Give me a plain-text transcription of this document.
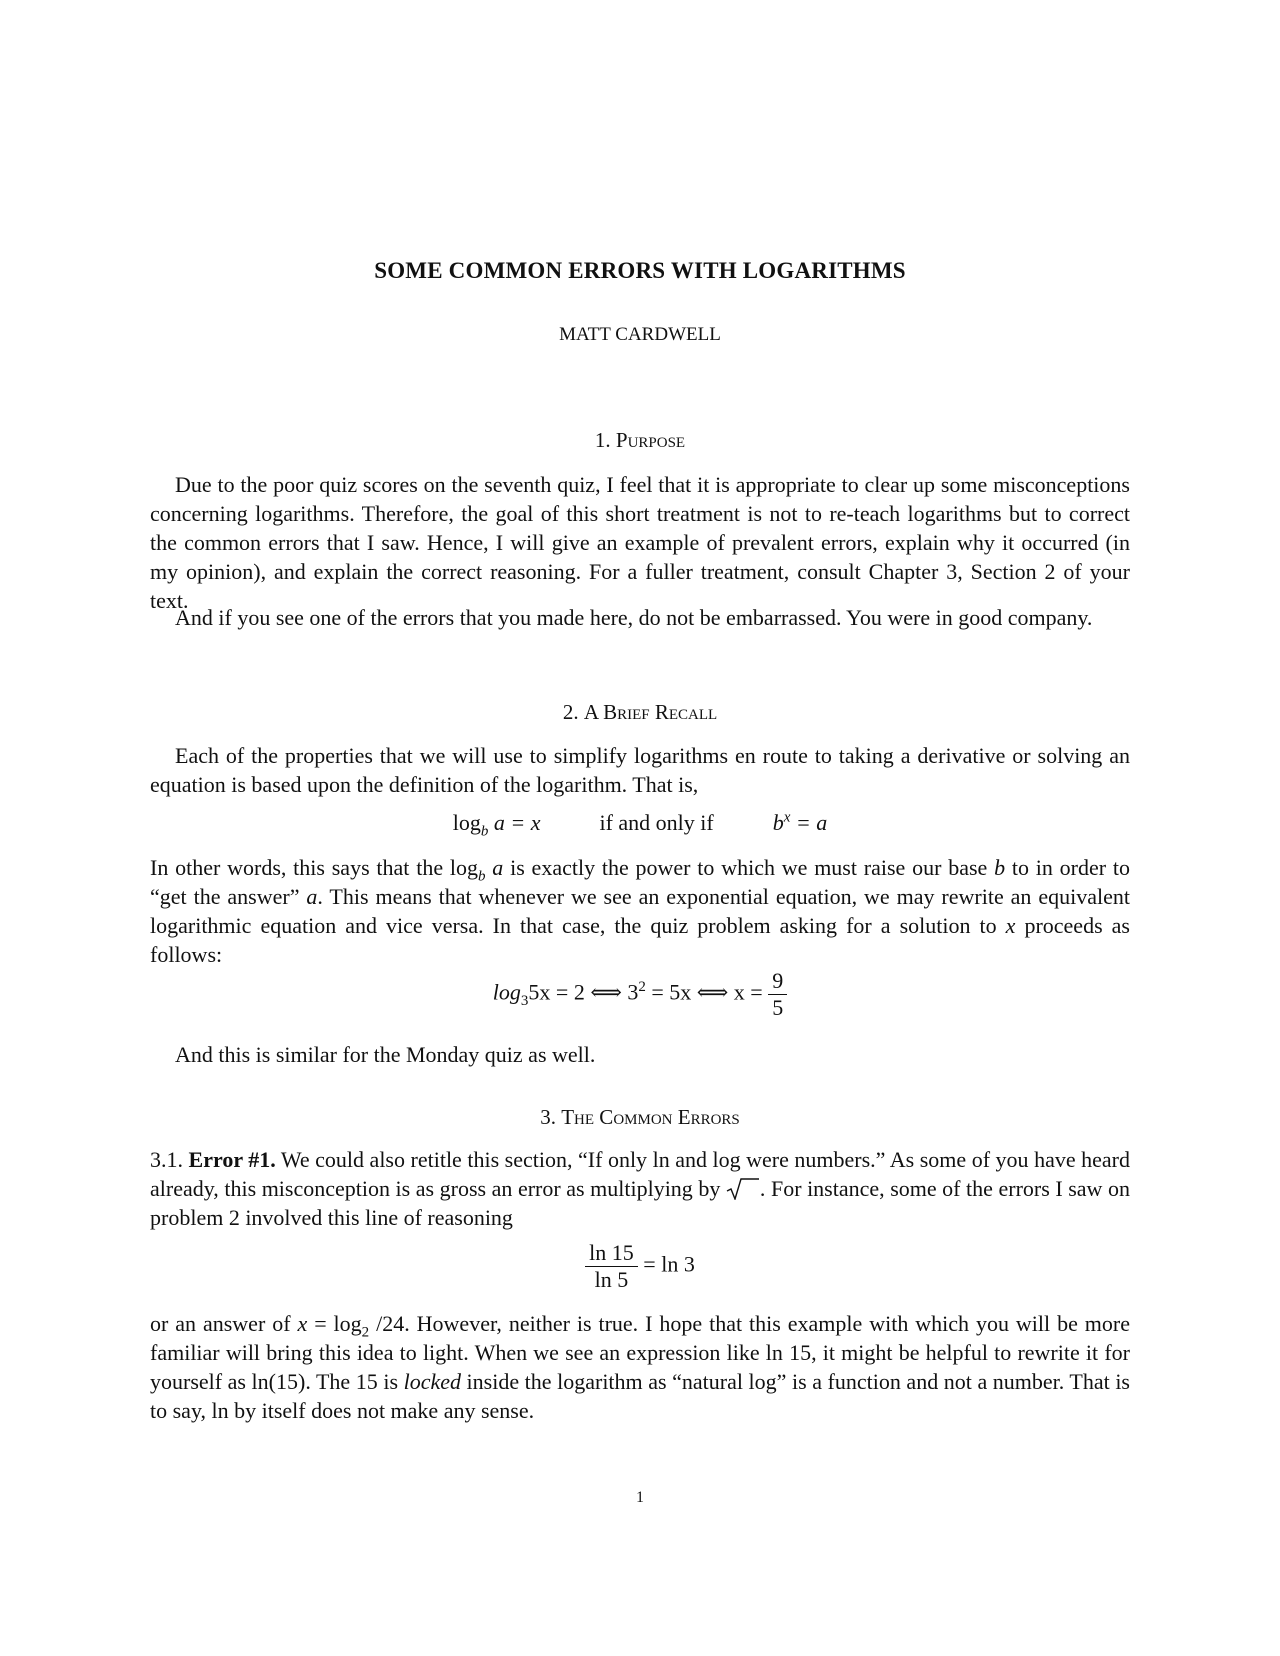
SOME COMMON ERRORS WITH LOGARITHMS
MATT CARDWELL
1. Purpose
Due to the poor quiz scores on the seventh quiz, I feel that it is appropriate to clear up some misconceptions concerning logarithms. Therefore, the goal of this short treatment is not to re-teach logarithms but to correct the common errors that I saw. Hence, I will give an example of prevalent errors, explain why it occurred (in my opinion), and explain the correct reasoning. For a fuller treatment, consult Chapter 3, Section 2 of your text.
And if you see one of the errors that you made here, do not be embarrassed. You were in good company.
2. A Brief Recall
Each of the properties that we will use to simplify logarithms en route to taking a derivative or solving an equation is based upon the definition of the logarithm. That is,
$\log_b a = x$	if and only if	$b^x = a$
In other words, this says that the $\log_b a$ is exactly the power to which we must raise our base b to in order to “get the answer” a. This means that whenever we see an exponential equation, we may rewrite an equivalent logarithmic equation and vice versa. In that case, the quiz problem asking for a solution to x proceeds as follows:
$\log_35x = 2$ ⟺ $3^2 = 5x$ ⟺ $x = \frac{9}{5}$
And this is similar for the Monday quiz as well.
3. The Common Errors
3.1. Error #1. We could also retitle this section, “If only ln and log were numbers.” As some of you have heard already, this misconception is as gross an error as multiplying by . For instance, some of the errors I saw on problem 2 involved this line of reasoning
$\frac{\ln 15}{\ln 5} = \ln 3$
or an answer of $x = \log_2 /24$. However, neither is true. I hope that this example with which you will be more familiar will bring this idea to light. When we see an expression like ln 15, it might be helpful to rewrite it for yourself as ln(15). The 15 is locked inside the logarithm as “natural log” is a function and not a number. That is to say, ln by itself does not make any sense.
1
